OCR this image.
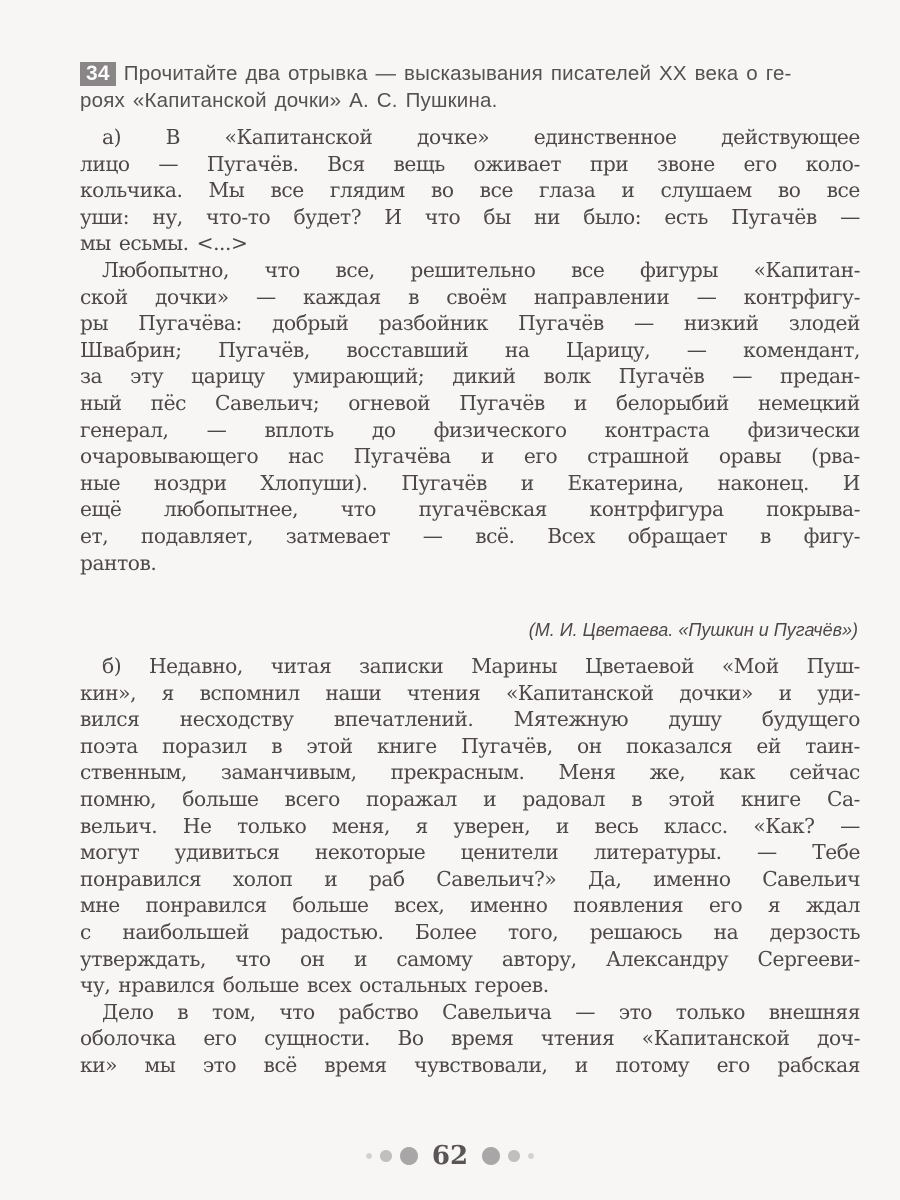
34 Прочитайте два отрывка — высказывания писателей XX века о ге-
роях «Капитанской дочки» А. С. Пушкина.
а) В «Капитанской дочке» единственное действующее
лицо — Пугачёв. Вся вещь оживает при звоне его коло-
кольчика. Мы все глядим во все глаза и слушаем во все
уши: ну, что-то будет? И что бы ни было: есть Пугачёв —
мы есьмы. <...>
Любопытно, что все, решительно все фигуры «Капитан-
ской дочки» — каждая в своём направлении — контрфигу-
ры Пугачёва: добрый разбойник Пугачёв — низкий злодей
Швабрин; Пугачёв, восставший на Царицу, — комендант,
за эту царицу умирающий; дикий волк Пугачёв — предан-
ный пёс Савельич; огневой Пугачёв и белорыбий немецкий
генерал, — вплоть до физического контраста физически
очаровывающего нас Пугачёва и его страшной оравы (рва-
ные ноздри Хлопуши). Пугачёв и Екатерина, наконец. И
ещё любопытнее, что пугачёвская контрфигура покрыва-
ет, подавляет, затмевает — всё. Всех обращает в фигу-
рантов.
(М. И. Цветаева. «Пушкин и Пугачёв»)
б) Недавно, читая записки Марины Цветаевой «Мой Пуш-
кин», я вспомнил наши чтения «Капитанской дочки» и уди-
вился несходству впечатлений. Мятежную душу будущего
поэта поразил в этой книге Пугачёв, он показался ей таин-
ственным, заманчивым, прекрасным. Меня же, как сейчас
помню, больше всего поражал и радовал в этой книге Са-
вельич. Не только меня, я уверен, и весь класс. «Как? —
могут удивиться некоторые ценители литературы. — Тебе
понравился холоп и раб Савельич?» Да, именно Савельич
мне понравился больше всех, именно появления его я ждал
с наибольшей радостью. Более того, решаюсь на дерзость
утверждать, что он и самому автору, Александру Сергееви-
чу, нравился больше всех остальных героев.
Дело в том, что рабство Савельича — это только внешняя
оболочка его сущности. Во время чтения «Капитанской доч-
ки» мы это всё время чувствовали, и потому его рабская
62
